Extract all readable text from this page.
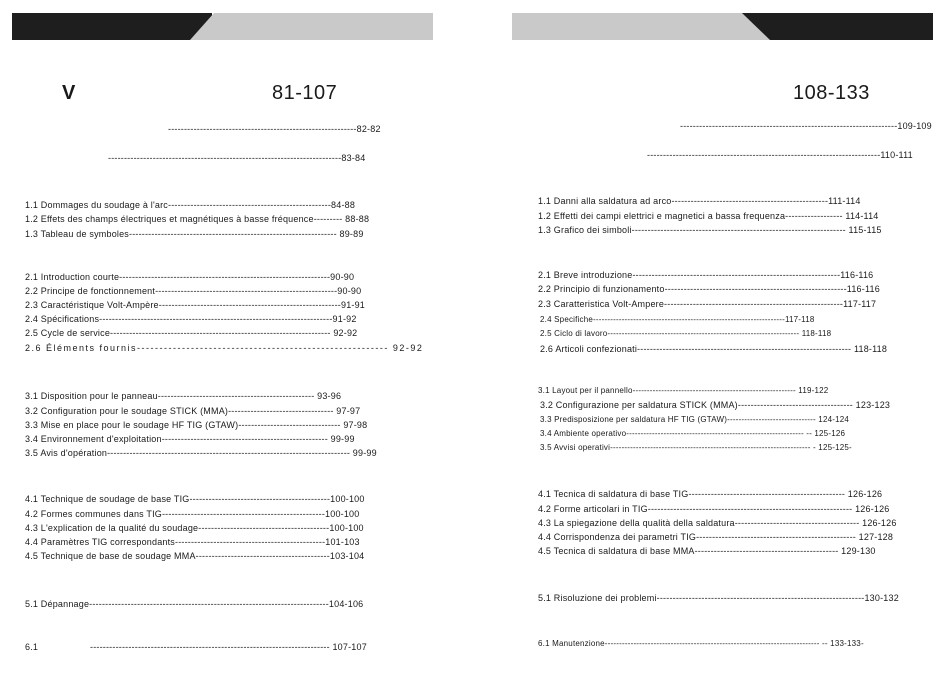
V	81-107
-----------------------------------------------------------82-82
-------------------------------------------------------------------------83-84
1.1 Dommages du soudage à l'arc---------------------------------------------------84-88
1.2 Effets des champs électriques et magnétiques à basse fréquence--------- 88-88
1.3 Tableau de symboles----------------------------------------------------------------- 89-89
2.1 Introduction courte------------------------------------------------------------------90-90
2.2 Principe de fonctionnement---------------------------------------------------------90-90
2.3 Caractéristique Volt-Ampère---------------------------------------------------------91-91
2.4 Spécifications-------------------------------------------------------------------------91-92
2.5 Cycle de service--------------------------------------------------------------------- 92-92
2.6 Éléments fournis-------------------------------------------------------- 92-92
3.1 Disposition pour le panneau------------------------------------------------- 93-96
3.2 Configuration pour le soudage STICK (MMA)--------------------------------- 97-97
3.3 Mise en place pour le soudage HF TIG (GTAW)-------------------------------- 97-98
3.4 Environnement d'exploitation---------------------------------------------------- 99-99
3.5 Avis d'opération---------------------------------------------------------------------------- 99-99
4.1 Technique de soudage de base TIG--------------------------------------------100-100
4.2 Formes communes dans TIG---------------------------------------------------100-100
4.3 L'explication de la qualité du soudage-----------------------------------------100-100
4.4 Paramètres TIG correspondants-----------------------------------------------101-103
4.5 Technique de base de soudage MMA------------------------------------------103-104
5.1 Dépannage---------------------------------------------------------------------------104-106
6.1	--------------------------------------------------------------------------- 107-107
108-133
--------------------------------------------------------------------109-109
-------------------------------------------------------------------------110-111
1.1 Danni alla saldatura ad arco-------------------------------------------------111-114
1.2 Effetti dei campi elettrici e magnetici a bassa frequenza------------------ 114-114
1.3 Grafico dei simboli------------------------------------------------------------------- 115-115
2.1 Breve introduzione-----------------------------------------------------------------116-116
2.2 Principio di funzionamento---------------------------------------------------------116-116
2.3 Caratteristica Volt-Ampere--------------------------------------------------------117-117
2.4 Specifiche-------------------------------------------------------------------117-118
2.5 Ciclo di lavoro------------------------------------------------------------------- 118-118
2.6 Articoli confezionati------------------------------------------------------------------- 118-118
3.1 Layout per il pannello--------------------------------------------------------- 119-122
3.2 Configurazione per saldatura STICK (MMA)------------------------------------ 123-123
3.3 Predisposizione per saldatura HF TIG (GTAW)------------------------------- 124-124
3.4 Ambiente operativo-------------------------------------------------------------- -- 125-126
3.5 Avvisi operativi---------------------------------------------------------------------- - 125-125-
4.1 Tecnica di saldatura di base TIG------------------------------------------------- 126-126
4.2 Forme articolari in TIG---------------------------------------------------------------- 126-126
4.3 La spiegazione della qualità della saldatura--------------------------------------- 126-126
4.4 Corrispondenza dei parametri TIG-------------------------------------------------- 127-128
4.5 Tecnica di saldatura di base MMA--------------------------------------------- 129-130
5.1 Risoluzione dei problemi-----------------------------------------------------------------130-132
6.1 Manutenzione--------------------------------------------------------------------------- -- 133-133-
